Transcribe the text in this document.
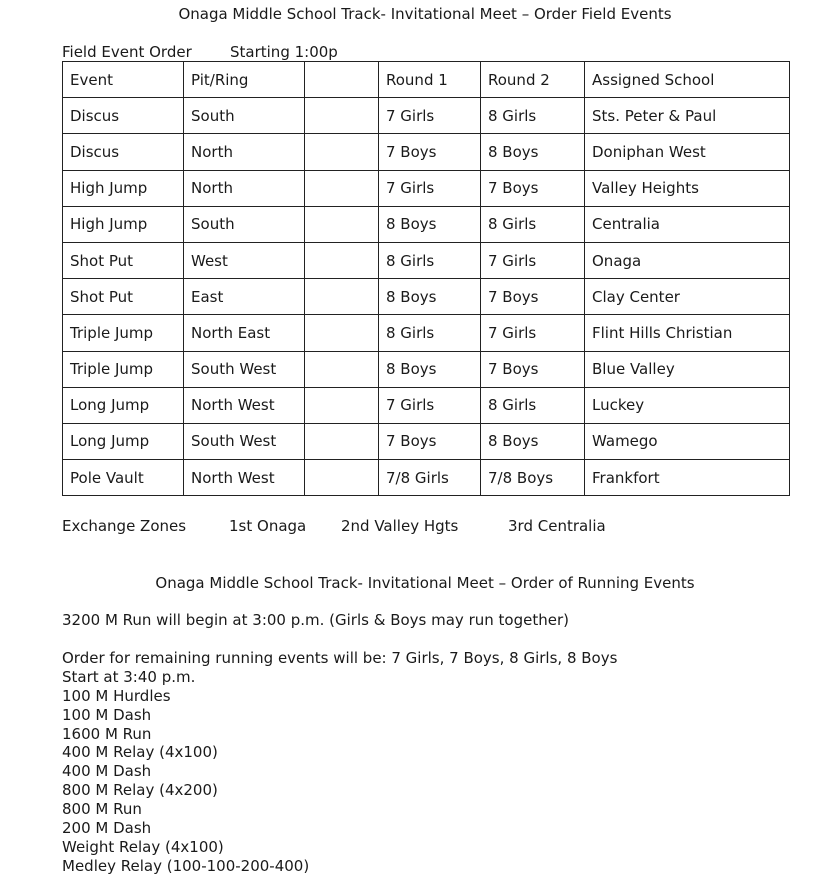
Onaga Middle School Track- Invitational Meet – Order Field Events
Field Event Order	Starting 1:00p
Event	Pit/Ring		Round 1	Round 2	Assigned School
Discus	South		7 Girls	8 Girls	Sts. Peter & Paul
Discus	North		7 Boys	8 Boys	Doniphan West
High Jump	North		7 Girls	7 Boys	Valley Heights
High Jump	South		8 Boys	8 Girls	Centralia
Shot Put	West		8 Girls	7 Girls	Onaga
Shot Put	East		8 Boys	7 Boys	Clay Center
Triple Jump	North East		8 Girls	7 Girls	Flint Hills Christian
Triple Jump	South West		8 Boys	7 Boys	Blue Valley
Long Jump	North West		7 Girls	8 Girls	Luckey
Long Jump	South West		7 Boys	8 Boys	Wamego
Pole Vault	North West		7/8 Girls	7/8 Boys	Frankfort
Exchange Zones	1st Onaga 2nd Valley Hgts	3rd Centralia
Onaga Middle School Track- Invitational Meet – Order of Running Events
3200 M Run will begin at 3:00 p.m. (Girls & Boys may run together)
Order for remaining running events will be: 7 Girls, 7 Boys, 8 Girls, 8 Boys
Start at 3:40 p.m.
100 M Hurdles
100 M Dash
1600 M Run
400 M Relay (4x100)
400 M Dash
800 M Relay (4x200)
800 M Run
200 M Dash
Weight Relay (4x100)
Medley Relay (100-100-200-400)
